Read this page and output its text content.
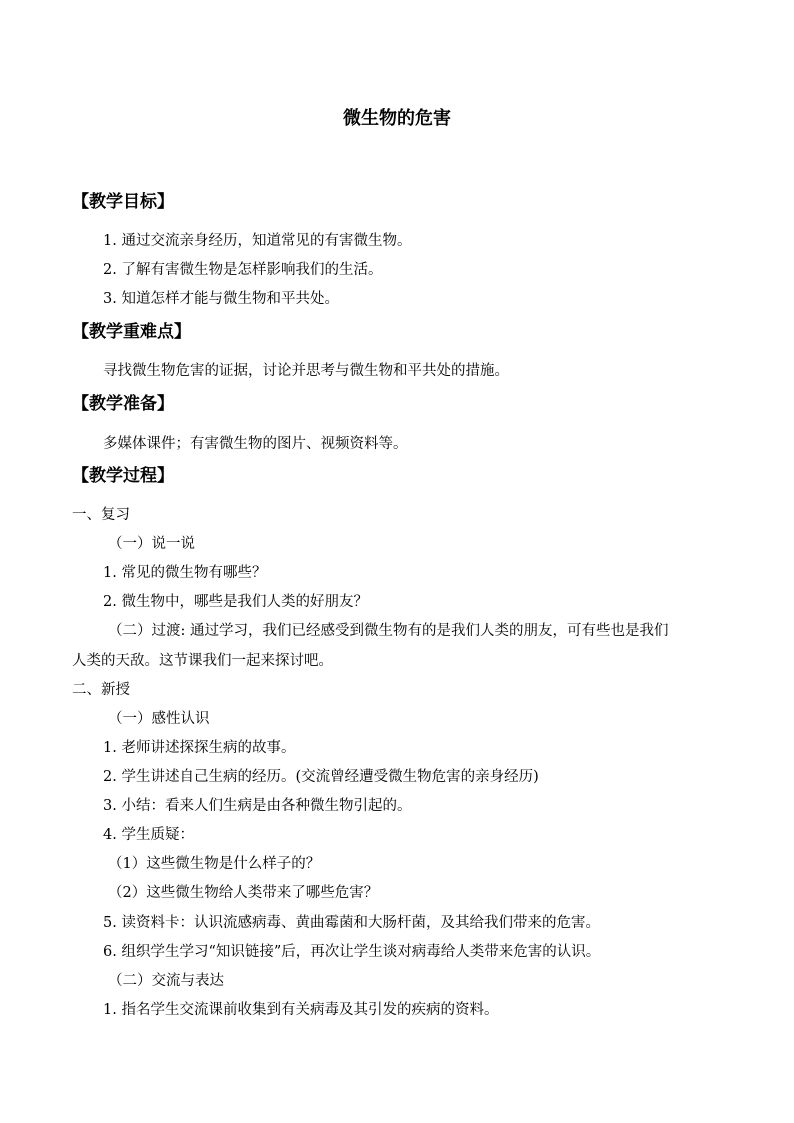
微生物的危害
【教学目标】
1. 通过交流亲身经历，知道常见的有害微生物。
2. 了解有害微生物是怎样影响我们的生活。
3. 知道怎样才能与微生物和平共处。
【教学重难点】
寻找微生物危害的证据，讨论并思考与微生物和平共处的措施。
【教学准备】
多媒体课件；有害微生物的图片、视频资料等。
【教学过程】
一、复习
（一）说一说
1. 常见的微生物有哪些？
2. 微生物中，哪些是我们人类的好朋友？
（二）过渡: 通过学习，我们已经感受到微生物有的是我们人类的朋友，可有些也是我们
人类的天敌。这节课我们一起来探讨吧。
二、新授
（一）感性认识
1. 老师讲述探探生病的故事。
2. 学生讲述自己生病的经历。(交流曾经遭受微生物危害的亲身经历)
3. 小结：看来人们生病是由各种微生物引起的。
4. 学生质疑：
（1）这些微生物是什么样子的？
（2）这些微生物给人类带来了哪些危害？
5. 读资料卡：认识流感病毒、黄曲霉菌和大肠杆菌，及其给我们带来的危害。
6. 组织学生学习“知识链接”后，再次让学生谈对病毒给人类带来危害的认识。
（二）交流与表达
1. 指名学生交流课前收集到有关病毒及其引发的疾病的资料。
